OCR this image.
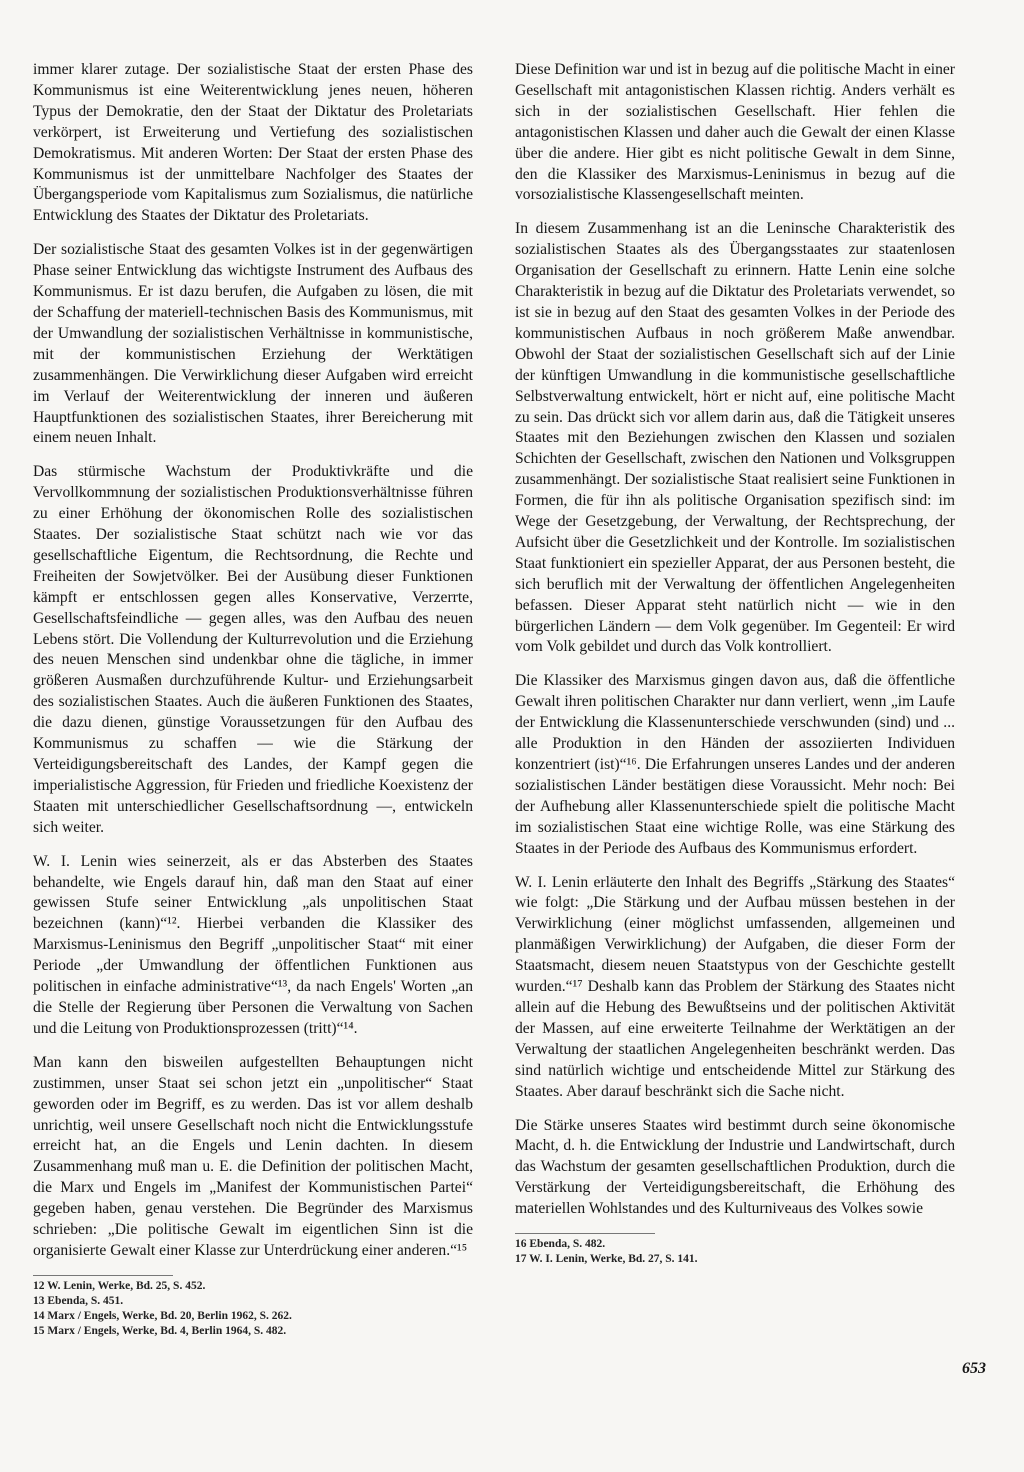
immer klarer zutage. Der sozialistische Staat der ersten Phase des Kommunismus ist eine Weiterentwicklung jenes neuen, höheren Typus der Demokratie, den der Staat der Diktatur des Proletariats verkörpert, ist Erweiterung und Vertiefung des sozialistischen Demokratismus. Mit anderen Worten: Der Staat der ersten Phase des Kommunismus ist der unmittelbare Nachfolger des Staates der Übergangsperiode vom Kapitalismus zum Sozialismus, die natürliche Entwicklung des Staates der Diktatur des Proletariats.

Der sozialistische Staat des gesamten Volkes ist in der gegenwärtigen Phase seiner Entwicklung das wichtigste Instrument des Aufbaus des Kommunismus. Er ist dazu berufen, die Aufgaben zu lösen, die mit der Schaffung der materiell-technischen Basis des Kommunismus, mit der Umwandlung der sozialistischen Verhältnisse in kommunistische, mit der kommunistischen Erziehung der Werktätigen zusammenhängen. Die Verwirklichung dieser Aufgaben wird erreicht im Verlauf der Weiterentwicklung der inneren und äußeren Hauptfunktionen des sozialistischen Staates, ihrer Bereicherung mit einem neuen Inhalt.

Das stürmische Wachstum der Produktivkräfte und die Vervollkommnung der sozialistischen Produktionsverhältnisse führen zu einer Erhöhung der ökonomischen Rolle des sozialistischen Staates. Der sozialistische Staat schützt nach wie vor das gesellschaftliche Eigentum, die Rechtsordnung, die Rechte und Freiheiten der Sowjetvölker. Bei der Ausübung dieser Funktionen kämpft er entschlossen gegen alles Konservative, Verzerrte, Gesellschaftsfeindliche — gegen alles, was den Aufbau des neuen Lebens stört. Die Vollendung der Kulturrevolution und die Erziehung des neuen Menschen sind undenkbar ohne die tägliche, in immer größeren Ausmaßen durchzuführende Kultur- und Erziehungsarbeit des sozialistischen Staates. Auch die äußeren Funktionen des Staates, die dazu dienen, günstige Voraussetzungen für den Aufbau des Kommunismus zu schaffen — wie die Stärkung der Verteidigungsbereitschaft des Landes, der Kampf gegen die imperialistische Aggression, für Frieden und friedliche Koexistenz der Staaten mit unterschiedlicher Gesellschaftsordnung —, entwickeln sich weiter.

W. I. Lenin wies seinerzeit, als er das Absterben des Staates behandelte, wie Engels darauf hin, daß man den Staat auf einer gewissen Stufe seiner Entwicklung „als unpolitischen Staat bezeichnen (kann)“¹². Hierbei verbanden die Klassiker des Marxismus-Leninismus den Begriff „unpolitischer Staat“ mit einer Periode „der Umwandlung der öffentlichen Funktionen aus politischen in einfache administrative“¹³, da nach Engels' Worten „an die Stelle der Regierung über Personen die Verwaltung von Sachen und die Leitung von Produktionsprozessen (tritt)“¹⁴.

Man kann den bisweilen aufgestellten Behauptungen nicht zustimmen, unser Staat sei schon jetzt ein „unpolitischer“ Staat geworden oder im Begriff, es zu werden. Das ist vor allem deshalb unrichtig, weil unsere Gesellschaft noch nicht die Entwicklungsstufe erreicht hat, an die Engels und Lenin dachten. In diesem Zusammenhang muß man u. E. die Definition der politischen Macht, die Marx und Engels im „Manifest der Kommunistischen Partei“ gegeben haben, genau verstehen. Die Begründer des Marxismus schrieben: „Die politische Gewalt im eigentlichen Sinn ist die organisierte Gewalt einer Klasse zur Unterdrückung einer anderen.“¹⁵

12 W. Lenin, Werke, Bd. 25, S. 452.

13 Ebenda, S. 451.

14 Marx / Engels, Werke, Bd. 20, Berlin 1962, S. 262.

15 Marx / Engels, Werke, Bd. 4, Berlin 1964, S. 482.

Diese Definition war und ist in bezug auf die politische Macht in einer Gesellschaft mit antagonistischen Klassen richtig. Anders verhält es sich in der sozialistischen Gesellschaft. Hier fehlen die antagonistischen Klassen und daher auch die Gewalt der einen Klasse über die andere. Hier gibt es nicht politische Gewalt in dem Sinne, den die Klassiker des Marxismus-Leninismus in bezug auf die vorsozialistische Klassengesellschaft meinten.

In diesem Zusammenhang ist an die Leninsche Charakteristik des sozialistischen Staates als des Übergangsstaates zur staatenlosen Organisation der Gesellschaft zu erinnern. Hatte Lenin eine solche Charakteristik in bezug auf die Diktatur des Proletariats verwendet, so ist sie in bezug auf den Staat des gesamten Volkes in der Periode des kommunistischen Aufbaus in noch größerem Maße anwendbar. Obwohl der Staat der sozialistischen Gesellschaft sich auf der Linie der künftigen Umwandlung in die kommunistische gesellschaftliche Selbstverwaltung entwickelt, hört er nicht auf, eine politische Macht zu sein. Das drückt sich vor allem darin aus, daß die Tätigkeit unseres Staates mit den Beziehungen zwischen den Klassen und sozialen Schichten der Gesellschaft, zwischen den Nationen und Volksgruppen zusammenhängt. Der sozialistische Staat realisiert seine Funktionen in Formen, die für ihn als politische Organisation spezifisch sind: im Wege der Gesetzgebung, der Verwaltung, der Rechtsprechung, der Aufsicht über die Gesetzlichkeit und der Kontrolle. Im sozialistischen Staat funktioniert ein spezieller Apparat, der aus Personen besteht, die sich beruflich mit der Verwaltung der öffentlichen Angelegenheiten befassen. Dieser Apparat steht natürlich nicht — wie in den bürgerlichen Ländern — dem Volk gegenüber. Im Gegenteil: Er wird vom Volk gebildet und durch das Volk kontrolliert.

Die Klassiker des Marxismus gingen davon aus, daß die öffentliche Gewalt ihren politischen Charakter nur dann verliert, wenn „im Laufe der Entwicklung die Klassenunterschiede verschwunden (sind) und ... alle Produktion in den Händen der assoziierten Individuen konzentriert (ist)“¹⁶. Die Erfahrungen unseres Landes und der anderen sozialistischen Länder bestätigen diese Voraussicht. Mehr noch: Bei der Aufhebung aller Klassenunterschiede spielt die politische Macht im sozialistischen Staat eine wichtige Rolle, was eine Stärkung des Staates in der Periode des Aufbaus des Kommunismus erfordert.

W. I. Lenin erläuterte den Inhalt des Begriffs „Stärkung des Staates“ wie folgt: „Die Stärkung und der Aufbau müssen bestehen in der Verwirklichung (einer möglichst umfassenden, allgemeinen und planmäßigen Verwirklichung) der Aufgaben, die dieser Form der Staatsmacht, diesem neuen Staatstypus von der Geschichte gestellt wurden.“¹⁷ Deshalb kann das Problem der Stärkung des Staates nicht allein auf die Hebung des Bewußtseins und der politischen Aktivität der Massen, auf eine erweiterte Teilnahme der Werktätigen an der Verwaltung der staatlichen Angelegenheiten beschränkt werden. Das sind natürlich wichtige und entscheidende Mittel zur Stärkung des Staates. Aber darauf beschränkt sich die Sache nicht.

Die Stärke unseres Staates wird bestimmt durch seine ökonomische Macht, d. h. die Entwicklung der Industrie und Landwirtschaft, durch das Wachstum der gesamten gesellschaftlichen Produktion, durch die Verstärkung der Verteidigungsbereitschaft, die Erhöhung des materiellen Wohlstandes und des Kulturniveaus des Volkes sowie

16 Ebenda, S. 482.

17 W. I. Lenin, Werke, Bd. 27, S. 141.

653
